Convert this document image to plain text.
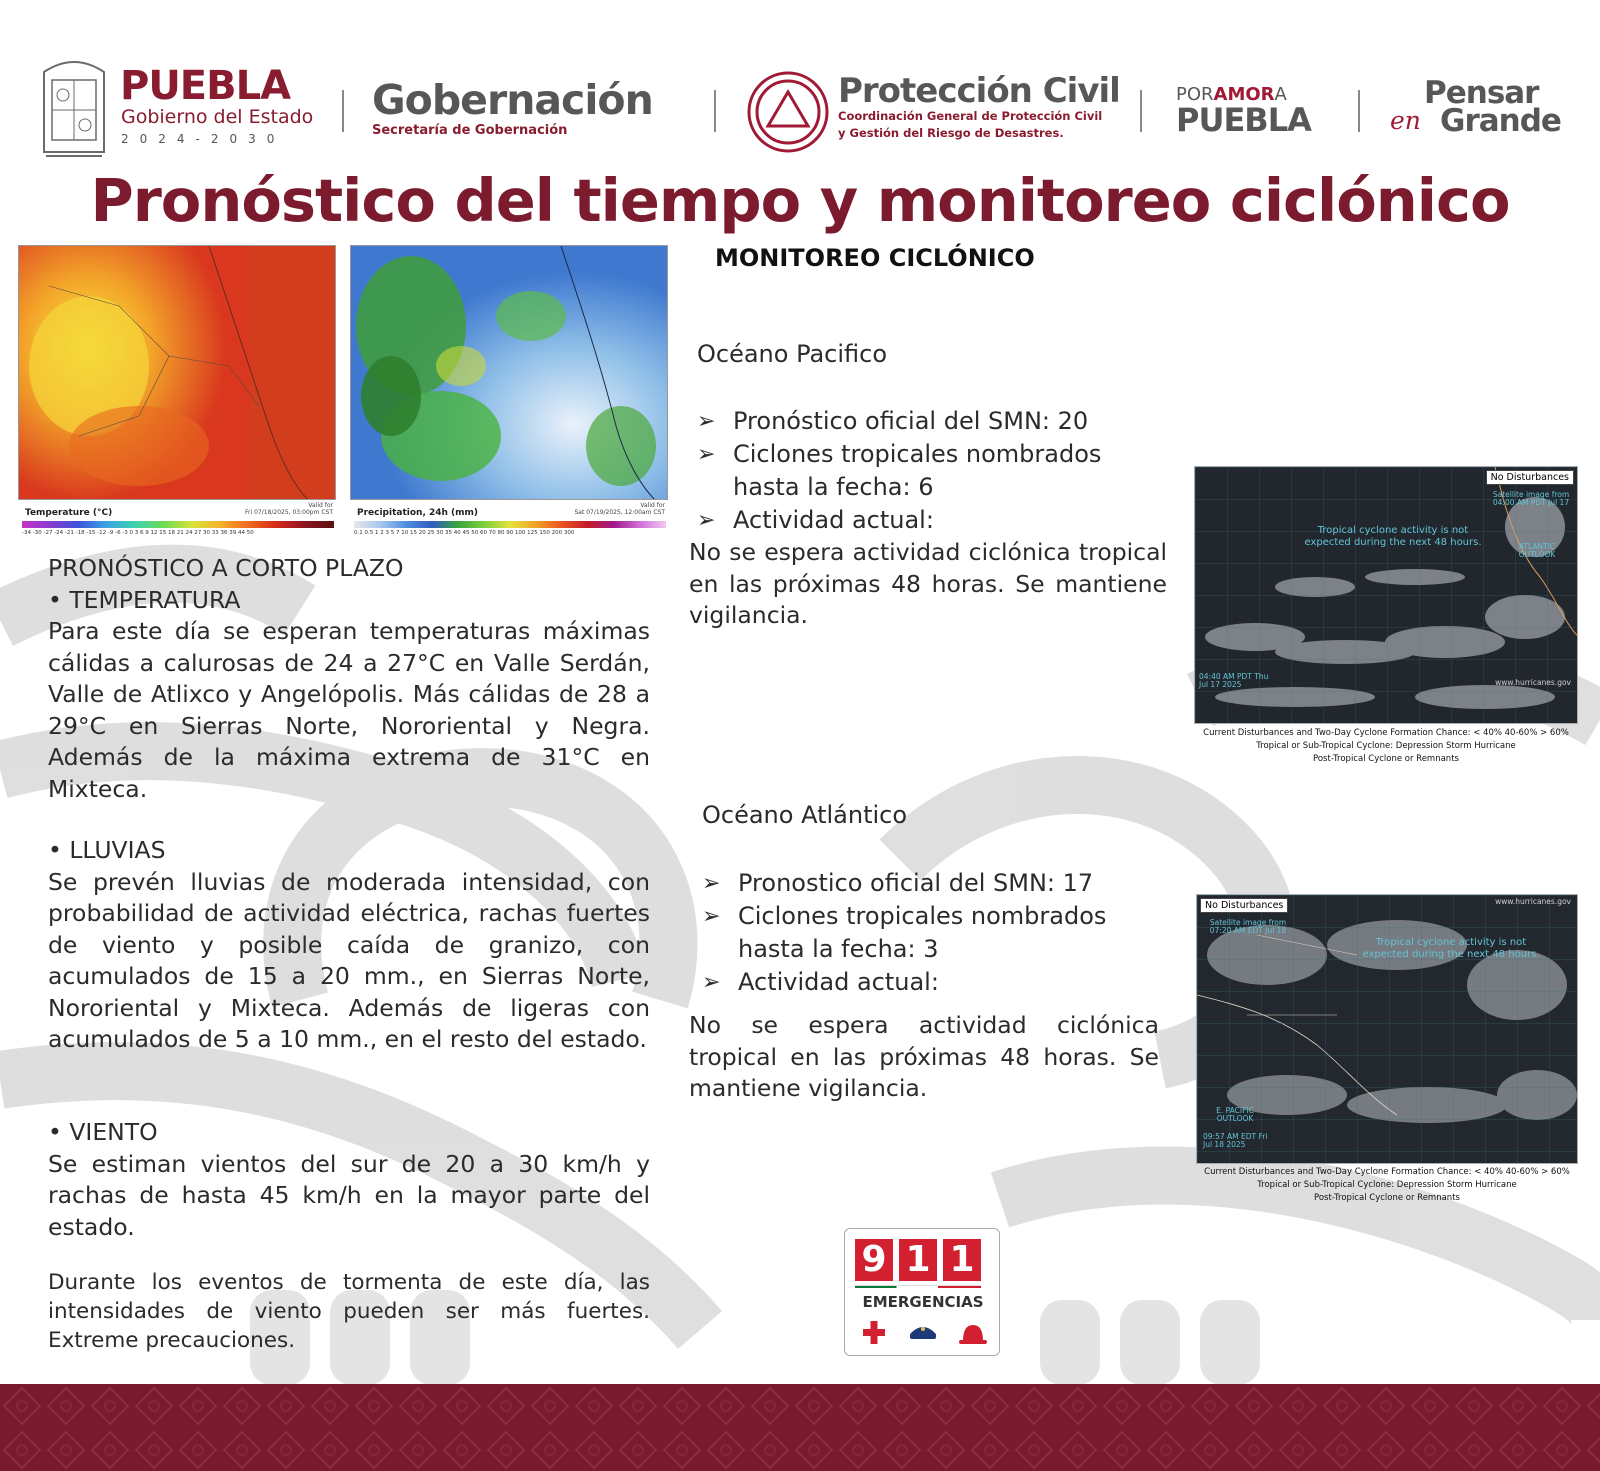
PUEBLA
Gobierno del Estado
2024-2030
Gobernación
Secretaría de Gobernación
Protección Civil
Coordinación General de Protección Civil
y Gestión del Riesgo de Desastres.
PORAMORA
PUEBLA
Pensar
en Grande
Pronóstico del tiempo y monitoreo ciclónico
Temperature (°C)
Valid for
Fri 07/18/2025, 03:00pm CST
-34 -30 -27 -24 -21 -18 -15 -12 -9 -6 -3 0 3 6 9 12 15 18 21 24 27 30 33 36 39 44 50
Precipitation, 24h (mm)
Valid for
Sat 07/19/2025, 12:00am CST
0.1 0.5 1 2 3 5 7 10 15 20 25 30 35 40 45 50 60 70 80 90 100 125 150 200 300
PRONÓSTICO A CORTO PLAZO
• TEMPERATURA

Para este día se esperan temperaturas máximas cálidas a calurosas de 24 a 27°C en Valle Serdán, Valle de Atlixco y Angelópolis. Más cálidas de 28 a 29°C en Sierras Norte, Nororiental y Negra. Además de la máxima extrema de 31°C en Mixteca.

• LLUVIAS

Se prevén lluvias de moderada intensidad, con probabilidad de actividad eléctrica, rachas fuertes de viento y posible caída de granizo, con acumulados de 15 a 20 mm., en Sierras Norte, Nororiental y Mixteca. Además de ligeras con acumulados de 5 a 10 mm., en el resto del estado.

• VIENTO

Se estiman vientos del sur de 20 a 30 km/h y rachas de hasta 45 km/h en la mayor parte del estado.

Durante los eventos de tormenta de este día, las intensidades de viento pueden ser más fuertes. Extreme precauciones.

MONITOREO CICLÓNICO
Océano Pacifico
➢ Pronóstico oficial del SMN: 20
➢ Ciclones tropicales nombrados hasta la fecha: 6
➢ Actividad actual:

No se espera actividad ciclónica tropical en las próximas 48 horas. Se mantiene vigilancia.

No Disturbances
Satellite image from 04:00 AM PDT Jul 17
Tropical cyclone activity is not expected during the next 48 hours.	ATLANTIC OUTLOOK
04:40 AM PDT Thu Jul 17 2025	www.hurricanes.gov
Current Disturbances and Two-Day Cyclone Formation Chance: < 40% 40-60% > 60%
Tropical or Sub-Tropical Cyclone: Depression Storm Hurricane
Post-Tropical Cyclone or Remnants
Océano Atlántico
➢ Pronostico oficial del SMN: 17
➢ Ciclones tropicales nombrados hasta la fecha: 3
➢ Actividad actual:

No se espera actividad ciclónica tropical en las próximas 48 horas. Se mantiene vigilancia.

No Disturbances
Satellite image from 07:20 AM EDT Jul 18
Tropical cyclone activity is not expected during the next 48 hours.
E. PACIFIC OUTLOOK
09:57 AM EDT Fri Jul 18 2025
www.hurricanes.gov
Current Disturbances and Two-Day Cyclone Formation Chance: < 40% 40-60% > 60%
Tropical or Sub-Tropical Cyclone: Depression Storm Hurricane
Post-Tropical Cyclone or Remnants
9 1 1
EMERGENCIAS
